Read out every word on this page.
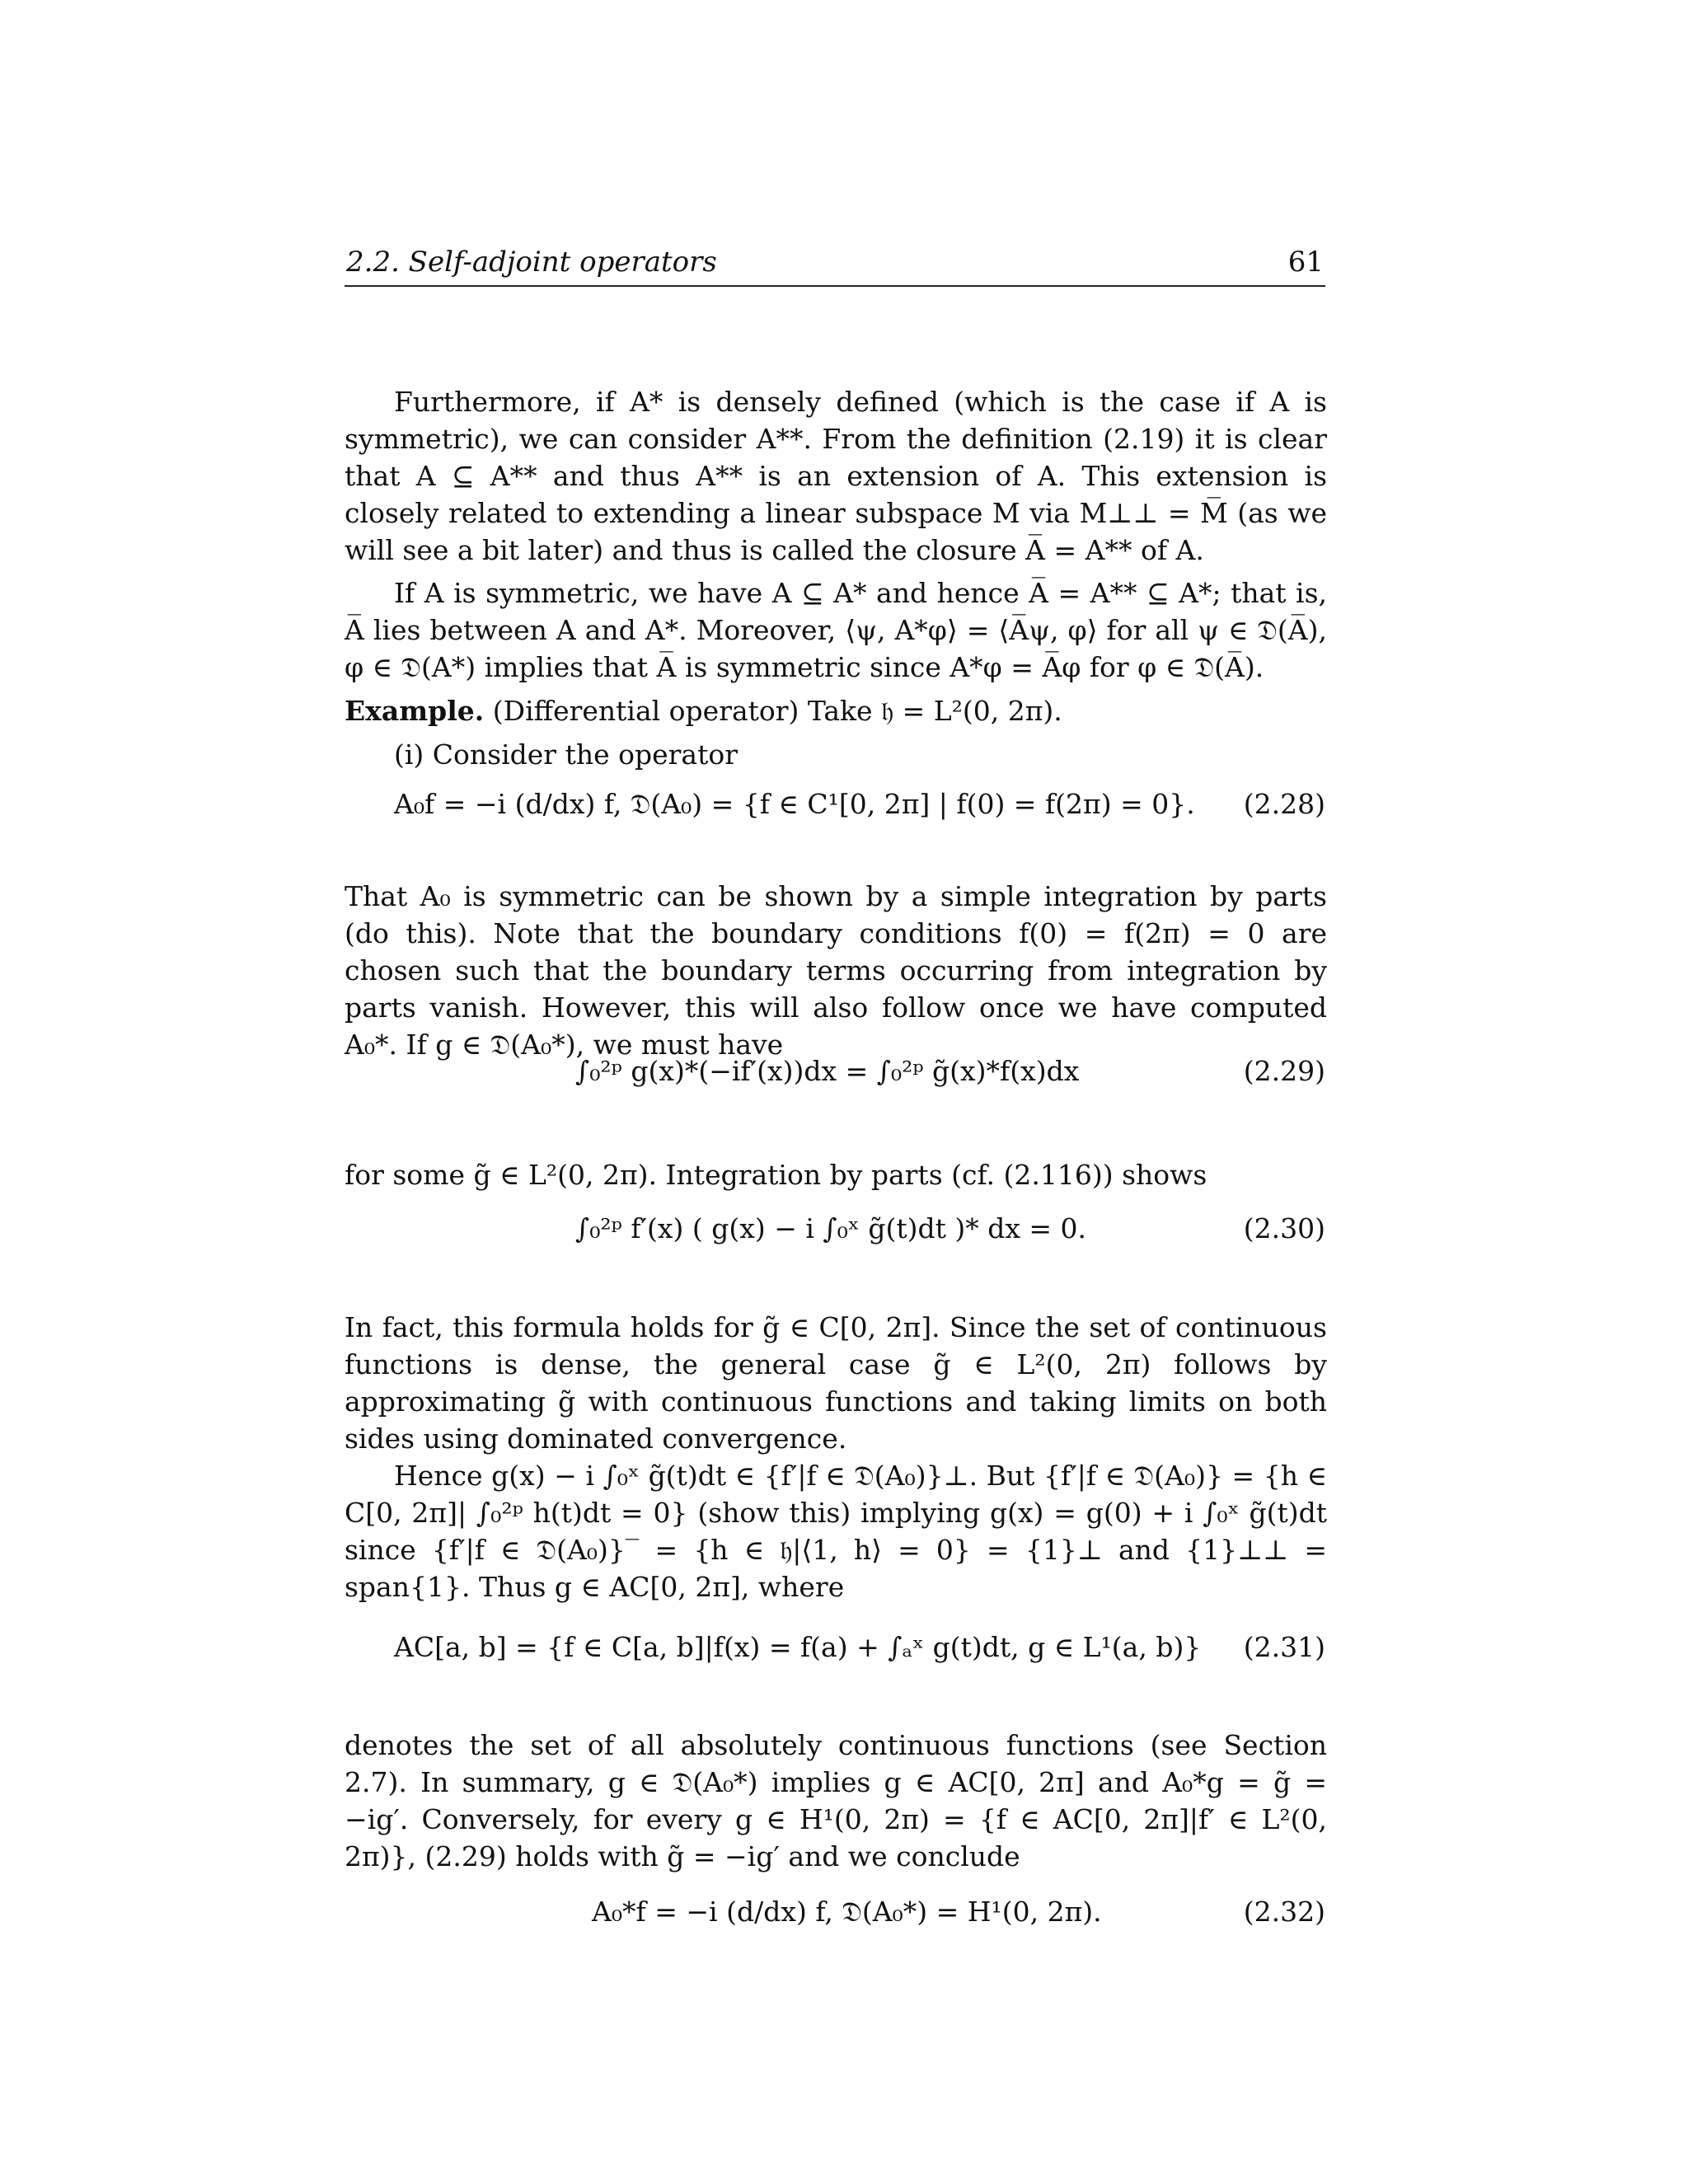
2.2. Self-adjoint operators	61

Furthermore, if A* is densely defined (which is the case if A is symmetric), we can consider A**. From the definition (2.19) it is clear that A ⊆ A** and thus A** is an extension of A. This extension is closely related to extending a linear subspace M via M⊥⊥ = M̅ (as we will see a bit later) and thus is called the closure A̅ = A** of A.

If A is symmetric, we have A ⊆ A* and hence A̅ = A** ⊆ A*; that is, A̅ lies between A and A*. Moreover, ⟨ψ, A*φ⟩ = ⟨A̅ψ, φ⟩ for all ψ ∈ 𝔇(A̅), φ ∈ 𝔇(A*) implies that A̅ is symmetric since A*φ = A̅φ for φ ∈ 𝔇(A̅).

Example. (Differential operator) Take 𝔥 = L²(0, 2π).

(i) Consider the operator

A₀f = −i (d/dx) f, 𝔇(A₀) = {f ∈ C¹[0, 2π] | f(0) = f(2π) = 0}. (2.28)

That A₀ is symmetric can be shown by a simple integration by parts (do this). Note that the boundary conditions f(0) = f(2π) = 0 are chosen such that the boundary terms occurring from integration by parts vanish. However, this will also follow once we have computed A₀*. If g ∈ 𝔇(A₀*), we must have

∫₀²ᵖ g(x)*(−if′(x))dx = ∫₀²ᵖ g̃(x)*f(x)dx	(2.29)

for some g̃ ∈ L²(0, 2π). Integration by parts (cf. (2.116)) shows

∫₀²ᵖ f′(x) ( g(x) − i ∫₀ˣ g̃(t)dt )* dx = 0.	(2.30)

In fact, this formula holds for g̃ ∈ C[0, 2π]. Since the set of continuous functions is dense, the general case g̃ ∈ L²(0, 2π) follows by approximating g̃ with continuous functions and taking limits on both sides using dominated convergence.

Hence g(x) − i ∫₀ˣ g̃(t)dt ∈ {f′|f ∈ 𝔇(A₀)}⊥. But {f′|f ∈ 𝔇(A₀)} = {h ∈ C[0, 2π]| ∫₀²ᵖ h(t)dt = 0} (show this) implying g(x) = g(0) + i ∫₀ˣ g̃(t)dt since {f′|f ∈ 𝔇(A₀)}‾ = {h ∈ 𝔥|⟨1, h⟩ = 0} = {1}⊥ and {1}⊥⊥ = span{1}. Thus g ∈ AC[0, 2π], where

AC[a, b] = {f ∈ C[a, b]|f(x) = f(a) + ∫ₐˣ g(t)dt, g ∈ L¹(a, b)} (2.31)

denotes the set of all absolutely continuous functions (see Section 2.7). In summary, g ∈ 𝔇(A₀*) implies g ∈ AC[0, 2π] and A₀*g = g̃ = −ig′. Conversely, for every g ∈ H¹(0, 2π) = {f ∈ AC[0, 2π]|f′ ∈ L²(0, 2π)}, (2.29) holds with g̃ = −ig′ and we conclude

A₀*f = −i (d/dx) f, 𝔇(A₀*) = H¹(0, 2π).	(2.32)
